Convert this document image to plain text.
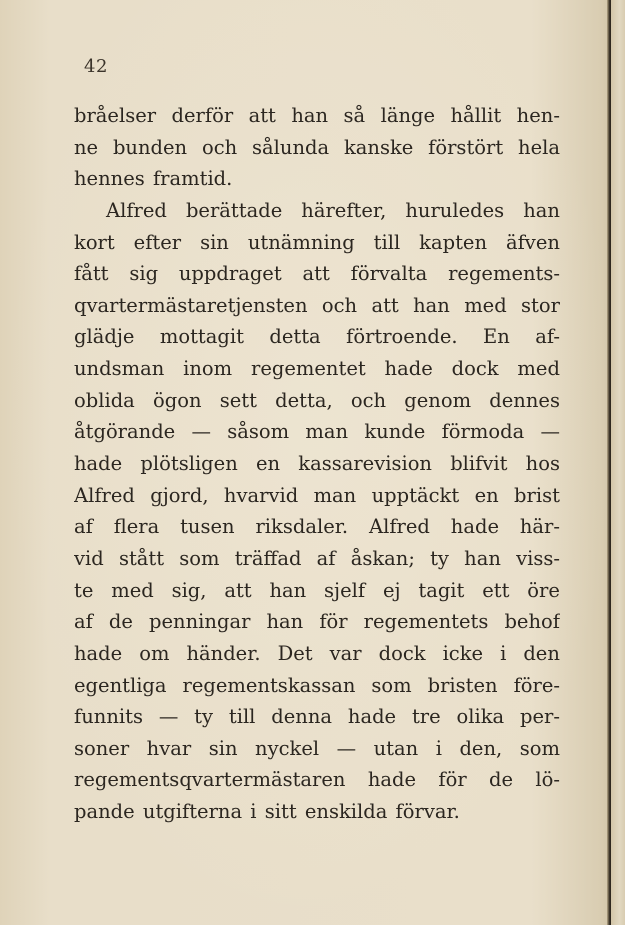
42
bråelser derför att han så länge hållit hen-
ne bunden och sålunda kanske förstört hela
hennes framtid.
Alfred berättade härefter, huruledes han
kort efter sin utnämning till kapten äfven
fått sig uppdraget att förvalta regements-
qvartermästaretjensten och att han med stor
glädje mottagit detta förtroende. En af-
undsman inom regementet hade dock med
oblida ögon sett detta, och genom dennes
åtgörande — såsom man kunde förmoda —
hade plötsligen en kassarevision blifvit hos
Alfred gjord, hvarvid man upptäckt en brist
af flera tusen riksdaler. Alfred hade här-
vid stått som träffad af åskan; ty han viss-
te med sig, att han sjelf ej tagit ett öre
af de penningar han för regementets behof
hade om händer. Det var dock icke i den
egentliga regementskassan som bristen före-
funnits — ty till denna hade tre olika per-
soner hvar sin nyckel — utan i den, som
regementsqvartermästaren hade för de lö-
pande utgifterna i sitt enskilda förvar.
